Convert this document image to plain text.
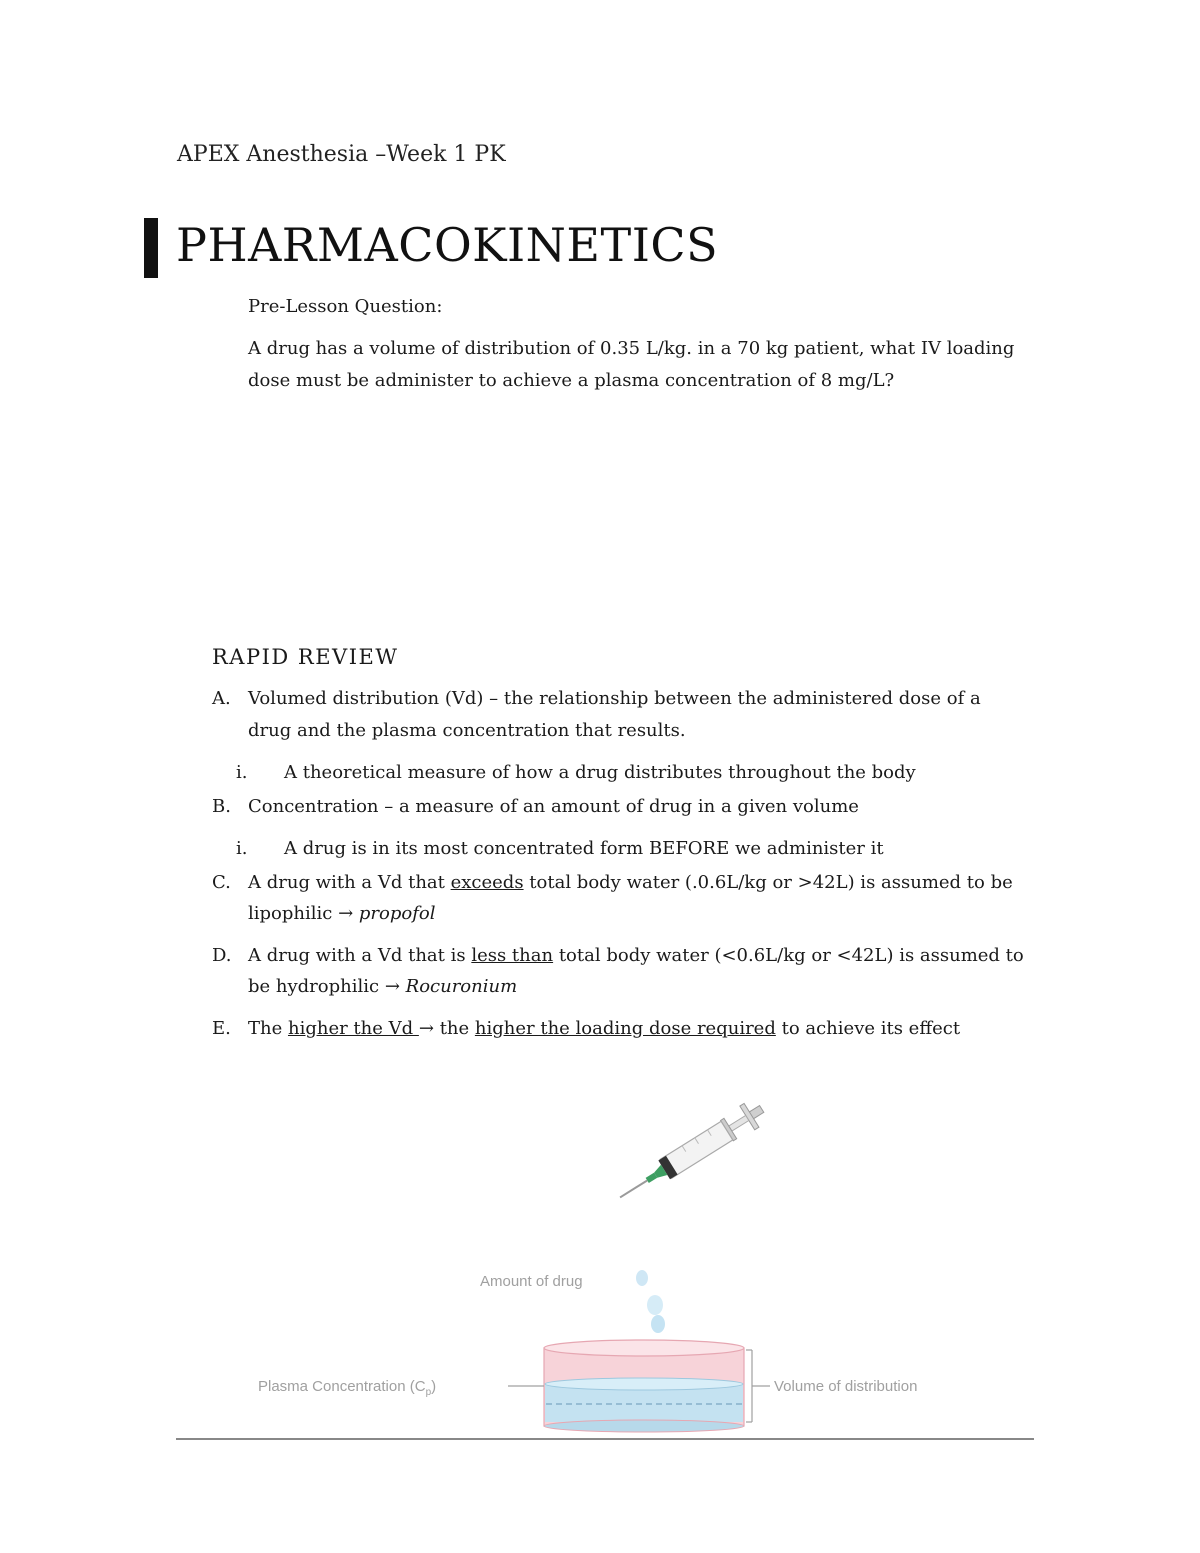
APEX Anesthesia –Week 1 PK
PHARMACOKINETICS
Pre-Lesson Question:
A drug has a volume of distribution of 0.35 L/kg. in a 70 kg patient, what IV loading
dose must be administer to achieve a plasma concentration of 8 mg/L?
RAPID REVIEW
A. Volumed distribution (Vd) – the relationship between the administered dose of a
drug and the plasma concentration that results.
i. A theoretical measure of how a drug distributes throughout the body
B. Concentration – a measure of an amount of drug in a given volume
i. A drug is in its most concentrated form BEFORE we administer it
C. A drug with a Vd that exceeds total body water (.0.6L/kg or >42L) is assumed to be
lipophilic → propofol
D. A drug with a Vd that is less than total body water (<0.6L/kg or <42L) is assumed to
be hydrophilic → Rocuronium
E. The higher the Vd → the higher the loading dose required to achieve its effect
Amount of drug
Plasma Concentration $(C_p)$	Volume of distribution
